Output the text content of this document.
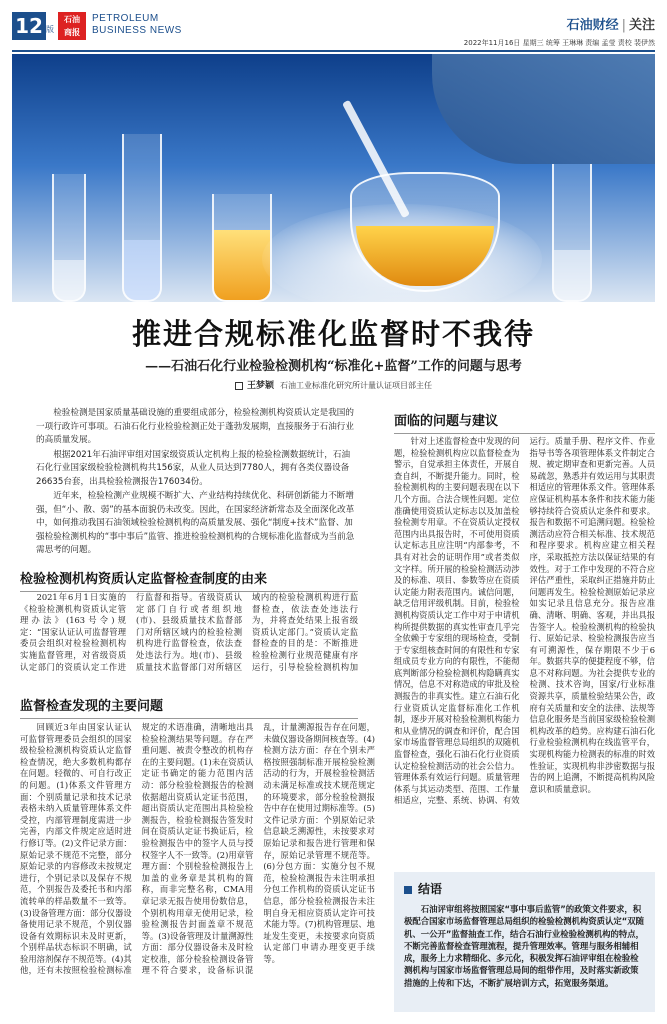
12 版
石油
商报
PETROLEUM
BUSINESS NEWS	石油财经 | 关注
2022年11月16日 星期三 统筹 王琳琳 责编 孟莹 责校 裴伊然
推进合规标准化监督时不我待
——石油石化行业检验检测机构“标准化+监督”工作的问题与思考
王梦颖 石油工业标准化研究所计量认证项目部主任

检验检测是国家质量基础设施的重要组成部分，检验检测机构资质认定是我国的一项行政许可事项。石油石化行业检验检测正处于蓬勃发展期，直接服务于石油行业的高质量发展。

根据2021年石油评审组对国家级资质认定机构上报的检验检测数据统计，石油石化行业国家级检验检测机构共156家，从业人员达到7780人，拥有各类仪器设备26635台套，出具检验检测报告176034份。

近年来，检验检测产业规模不断扩大、产业结构持续优化、科研创新能力不断增强，但“小、散、弱”的基本面貌仍未改变。因此，在国家经济新常态及全面深化改革中，如何推动我国石油领域检验检测机构的高质量发展、强化“制度+技术”监督、加强检验检测机构的“事中事后”监管、推进检验检测机构的合规标准化监督成为当前急需思考的问题。

检验检测机构资质认定监督检查制度的由来

2021年6月1日实施的《检验检测机构资质认定管理办法》(163号令)规定：“国家认证认可监督管理委员会组织对检验检测机构实施监督管理，对省级资质认定部门的资质认定工作进行监督和指导。省级资质认定部门自行或者组织地(市)、县级质量技术监督部门对所辖区域内的检验检测机构进行监督检查，依法查处违法行为。地(市)、县级质量技术监督部门对所辖区域内的检验检测机构进行监督检查，依法查处违法行为，并将查处结果上报省级资质认定部门。”资质认定监督检查的目的是：不断推进检验检测行业规范健康有序运行，引导检验检测机构加

监督检查发现的主要问题

回顾近3年由国家认证认可监督管理委员会组织的国家级检验检测机构资质认定监督检查情况，绝大多数机构都存在问题。轻微的、可自行改正的问题。(1)体系文件管理方面：个别质量记录和技术记录表格未纳入质量管理体系文件受控，内部管理制度需进一步完善，内部文件规定应适时进行修订等。(2)文件记录方面：原始记录不规范不完整，部分原始记录的内容修改未按规定进行，个别记录以及保存不规范，个别报告及委托书和内部流转单的样品数量不一致等。(3)设备管理方面：部分仪器设备使用记录不规范，个别仪器设备有效期标识未及时更新，个别样品状态标识不明确，试验用溶剂保存不规范等。(4)其他，还有未按照检验检测标准规定的术语准确，清晰地出具检验检测结果等问题。存在严重问题、被责令整改的机构存在的主要问题。(1)未在资质认定证书确定的能力范围内活动：部分检验检测报告的检测依据超出资质认定证书范围，超出资质认定范围出具检验检测报告，检验检测报告签发时间在资质认定证书换证后，检验检测报告中的签字人员与授权签字人不一致等。(2)用章管理方面：个别检验检测报告上加盖的业务章是其机构的简称，而非完整名称，CMA用章记录无报告使用份数信息，个别机构用章无使用记录，检验检测报告封面盖章不规范等。(3)设备管理及计量溯源性方面：部分仪器设备未及时检定校准，部分检验检测设备管理不符合要求，设备标识混乱，计量溯源报告存在问题，未做仪器设备期间核查等。(4)检测方法方面：存在个别未严格按照强制标准开展检验检测活动的行为，开展检验检测活动未满足标准或技术规范规定的环境要求，部分检验检测报告中存在使用过期标准等。(5)文件记录方面：个别原始记录信息缺乏溯源性，未按要求对原始记录和报告进行管理和保存，原始记录管理不规范等。(6)分包方面：实施分包不规范，检验检测报告未注明承担分包工作机构的资质认定证书信息，部分检验检测报告未注明自身无相应资质认定许可技术能力等。(7)机构管理层、地址发生变更，未按要求向资质认定部门申请办理变更手续等。

面临的问题与建议

针对上述监督检查中发现的问题，检验检测机构应以监督检查为警示，自觉承担主体责任，开展自查自纠，不断提升能力。同时，检验检测机构的主要问题表现在以下几个方面。合法合规性问题。定位准确使用资质认定标志以及加盖检验检测专用章。不在资质认定授权范围内出具报告时，不可使用资质认定标志且应注明“内部参考，不具有对社会的证明作用”或者类似文字样。所开展的检验检测活动涉及的标准、项目、参数等应在资质认定能力附表范围内。诚信问题，缺乏信用评级机制。目前，检验检测机构资质认定工作中对于申请机构所提供数据的真实性审查几乎完全依赖于专家组的现场检查，受制于专家组核查时间的有限性和专家组成员专业方向的有限性，不能彻底判断部分检验检测机构隐瞒真实情况，信息不对称造成的审批及检测报告的非真实性。建立石油石化行业资质认定监督标准化工作机制，逐步开展对检验检测机构能力和从业情况的调查和评价，配合国家市场监督管理总局组织的双随机监督检查，强化石油石化行业资质认定检验检测活动的社会公信力。管理体系有效运行问题。质量管理体系与其运动类型、范围、工作量相适应，完整、系统、协调、有效运行。质量手册、程序文件、作业指导书等各项管理体系文件制定合规、被定期审查和更新完善。人员易疏忽，熟悉并有效运用与其职责相适应的管理体系文件。管理体系应保证机构基本条件和技术能力能够持续符合资质认定条件和要求。报告和数据不可追溯问题。检验检测活动应符合相关标准、技术规范和程序要求。机构应建立相关程序，采取抵控方法以保证结果的有效性。对于工作中发现的不符合应评估严重性，采取纠正措施并防止问题再发生。检验检测原始记录应如实记录且信息充分。报告应准确、清晰、明确、客观，并出具报告签字人。检验检测机构的检验执行、原始记录、检验检测报告应当有可溯源性，保存期限不少于6年。数据共享的便捷程度不够，信息不对称问题。为社会提供专业的检测、技术咨询，国家/行业标准资源共享，质量检验结果公告，政府有关质量和安全的法律、法规等信息化服务是当前国家级检验检测机构改革的趋势。应构建石油石化行业检验检测机构在线监管平台，实现机构能力检测表的标准的时效性验证，实现机构非涉密数据与报告的网上追溯，不断提高机构风险意识和质量意识。

结语
石油评审组将按照国家“事中事后监管”的政策文件要求，积极配合国家市场监督管理总局组织的检验检测机构资质认定“双随机、一公开”监督抽查工作，结合石油行业检验检测机构的特点，不断完善监督检查管理流程，提升管理效率。管理与服务相辅相成，服务上力求精细化、多元化，积极发挥石油评审组在检验检测机构与国家市场监督管理总局间的组带作用，及时落实新政策措施的上传和下达，不断扩展培训方式，拓宽服务渠道。
